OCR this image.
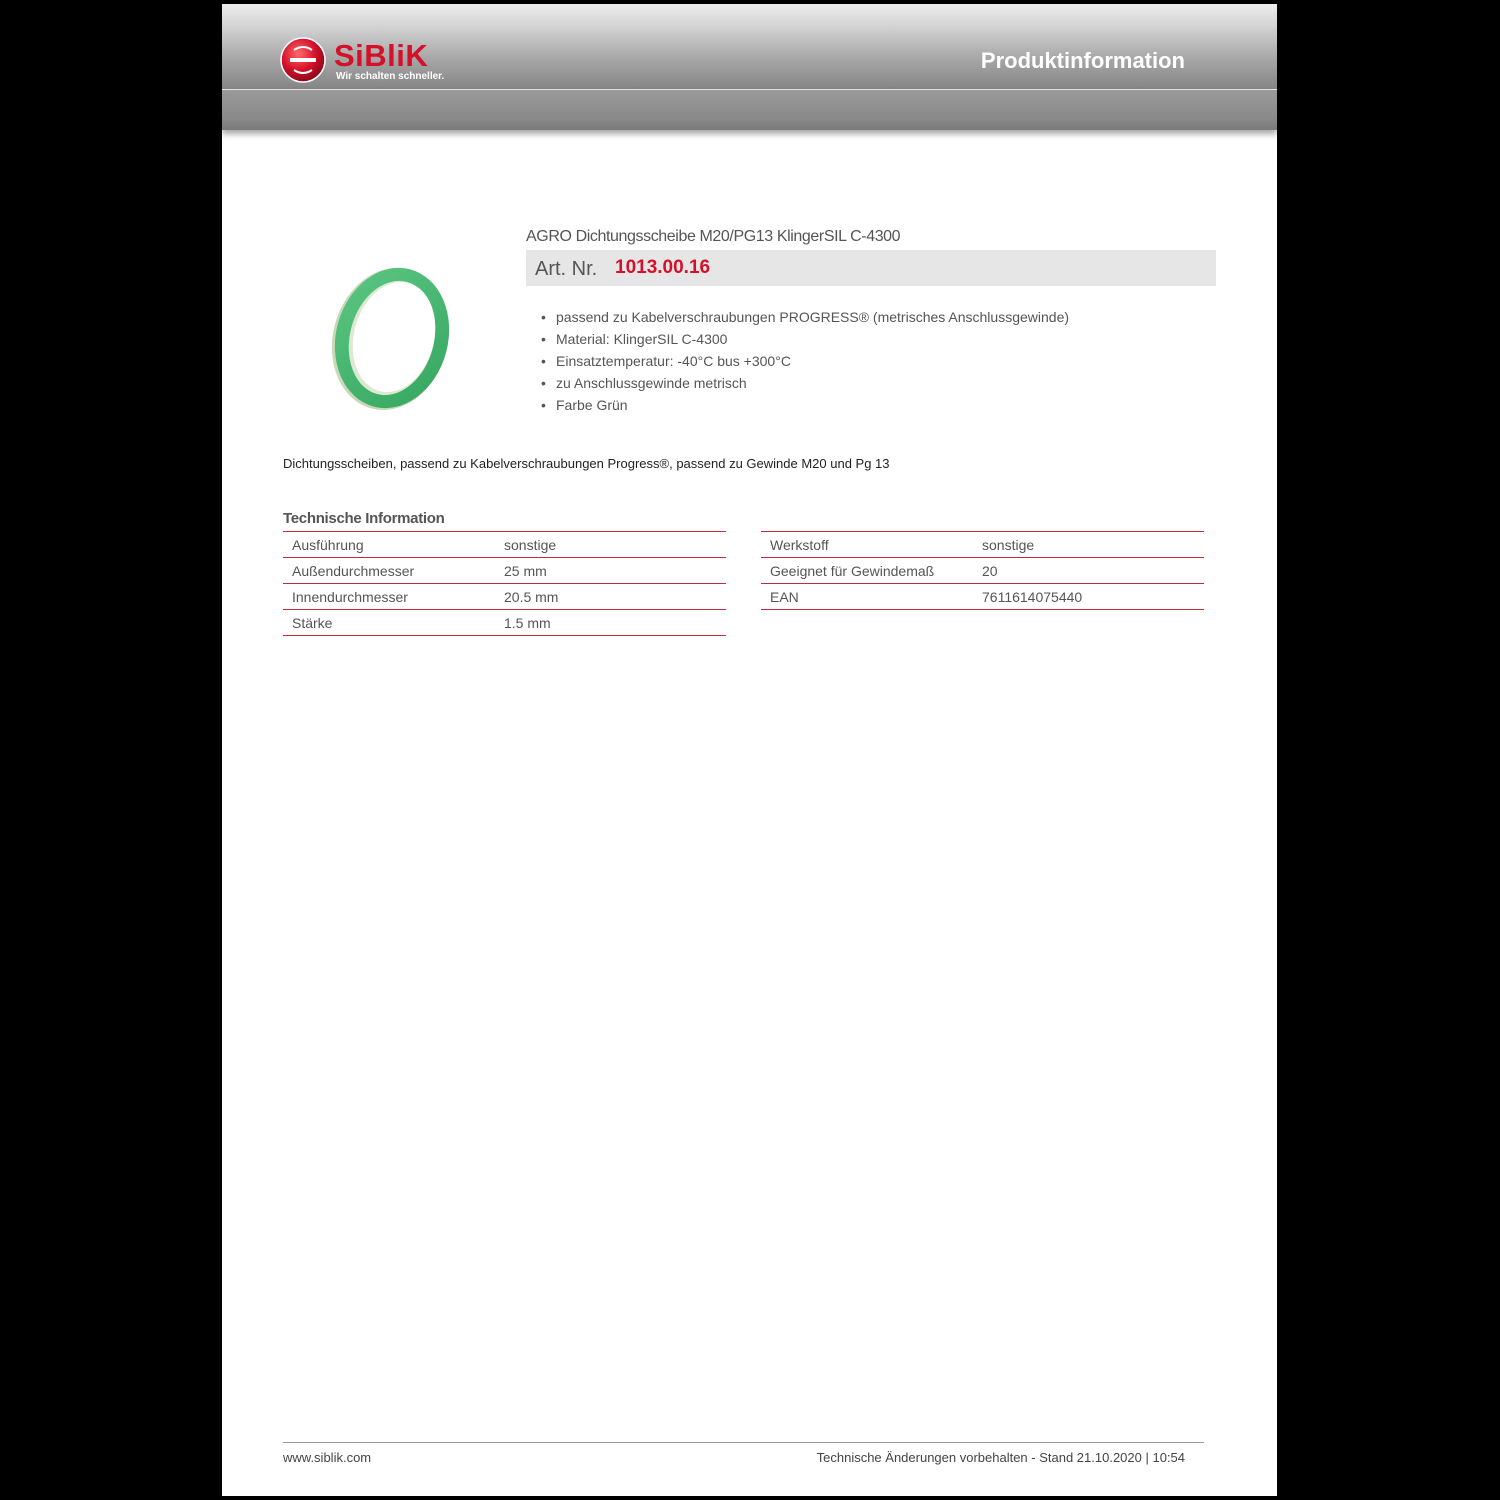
SiBliK
Wir schalten schneller.
Produktinformation
AGRO Dichtungsscheibe M20/PG13 KlingerSIL C-4300
Art. Nr. 1013.00.16
• passend zu Kabelverschraubungen PROGRESS® (metrisches Anschlussgewinde)
• Material: KlingerSIL C-4300
• Einsatztemperatur: -40°C bus +300°C
• zu Anschlussgewinde metrisch
• Farbe Grün
Dichtungsscheiben, passend zu Kabelverschraubungen Progress®, passend zu Gewinde M20 und Pg 13
Technische Information
Ausführung	sonstige
Außendurchmesser	25 mm
Innendurchmesser	20.5 mm
Stärke	1.5 mm
Werkstoff	sonstige
Geeignet für Gewindemaß	20
EAN	7611614075440
www.siblik.com	Technische Änderungen vorbehalten - Stand 21.10.2020 | 10:54
